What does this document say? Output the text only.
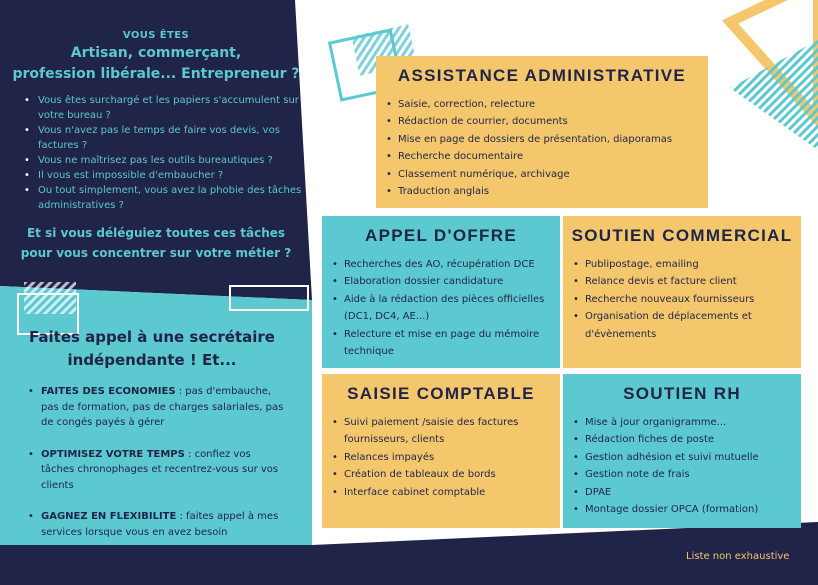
VOUS ÊTES
Artisan, commerçant,
profession libérale... Entrepreneur ?
• Vous êtes surchargé et les papiers s'accumulent sur votre bureau ?
• Vous n'avez pas le temps de faire vos devis, vos factures ?
• Vous ne maîtrisez pas les outils bureautiques ?
• Il vous est impossible d'embaucher ?
• Ou tout simplement, vous avez la phobie des tâches administratives ?
Et si vous déléguiez toutes ces tâches
pour vous concentrer sur votre métier ?
Faites appel à une secrétaire
indépendante ! Et...
• FAITES DES ECONOMIES : pas d'embauche, pas de formation, pas de charges salariales, pas de congés payés à gérer
• OPTIMISEZ VOTRE TEMPS : confiez vos tâches chronophages et recentrez-vous sur vos clients
• GAGNEZ EN FLEXIBILITE : faites appel à mes services lorsque vous en avez besoin
ASSISTANCE ADMINISTRATIVE
• Saisie, correction, relecture
• Rédaction de courrier, documents
• Mise en page de dossiers de présentation, diaporamas
• Recherche documentaire
• Classement numérique, archivage
• Traduction anglais
APPEL D'OFFRE
• Recherches des AO, récupération DCE
• Elaboration dossier candidature
• Aide à la rédaction des pièces officielles (DC1, DC4, AE...)
• Relecture et mise en page du mémoire technique
SOUTIEN COMMERCIAL
• Publipostage, emailing
• Relance devis et facture client
• Recherche nouveaux fournisseurs
• Organisation de déplacements et d'évènements
SAISIE COMPTABLE
• Suivi paiement /saisie des factures fournisseurs, clients
• Relances impayés
• Création de tableaux de bords
• Interface cabinet comptable
SOUTIEN RH
• Mise à jour organigramme...
• Rédaction fiches de poste
• Gestion adhésion et suivi mutuelle
• Gestion note de frais
• DPAE
• Montage dossier OPCA (formation)
Liste non exhaustive
